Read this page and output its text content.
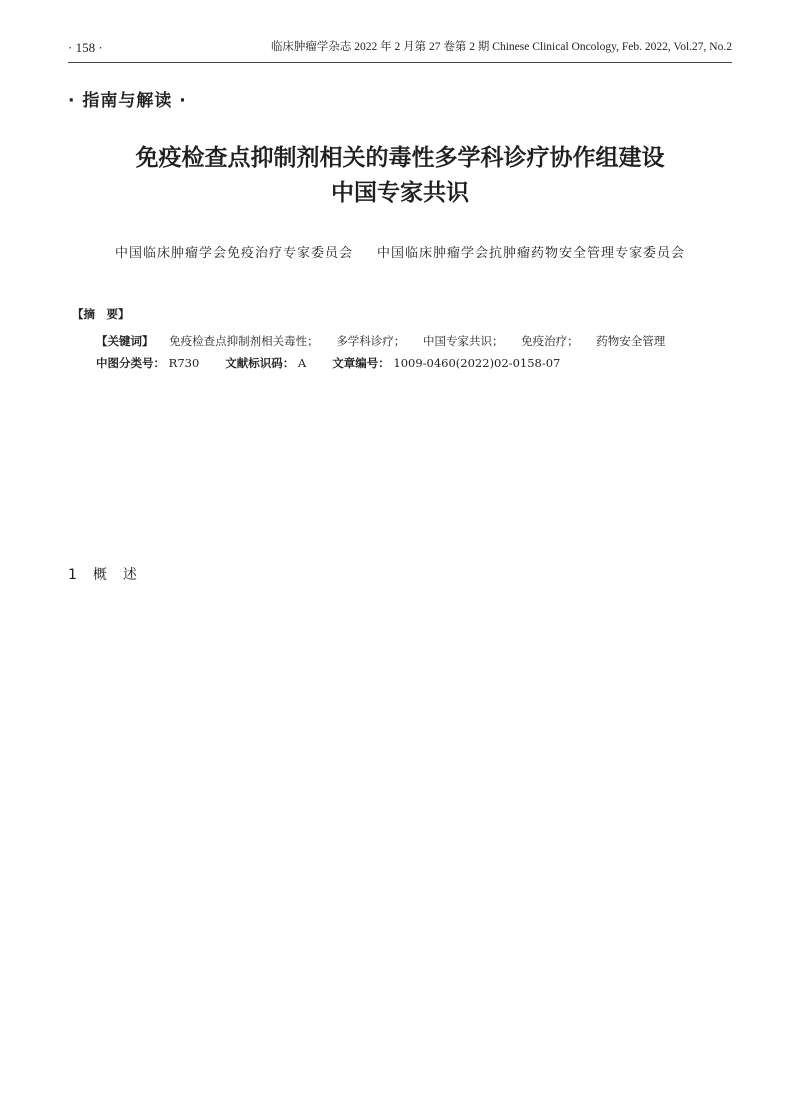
· 158 ·	临床肿瘤学杂志 2022 年 2 月第 27 卷第 2 期 Chinese Clinical Oncology, Feb. 2022, Vol.27, No.2
· 指南与解读 ·
免疫检查点抑制剂相关的毒性多学科诊疗协作组建设
中国专家共识
中国临床肿瘤学会免疫治疗专家委员会 中国临床肿瘤学会抗肿瘤药物安全管理专家委员会
【摘　要】
【关键词】 免疫检查点抑制剂相关毒性； 多学科诊疗； 中国专家共识； 免疫治疗； 药物安全管理
中图分类号： R730 文献标识码： A 文章编号： 1009-0460(2022)02-0158-07
1　概　述
